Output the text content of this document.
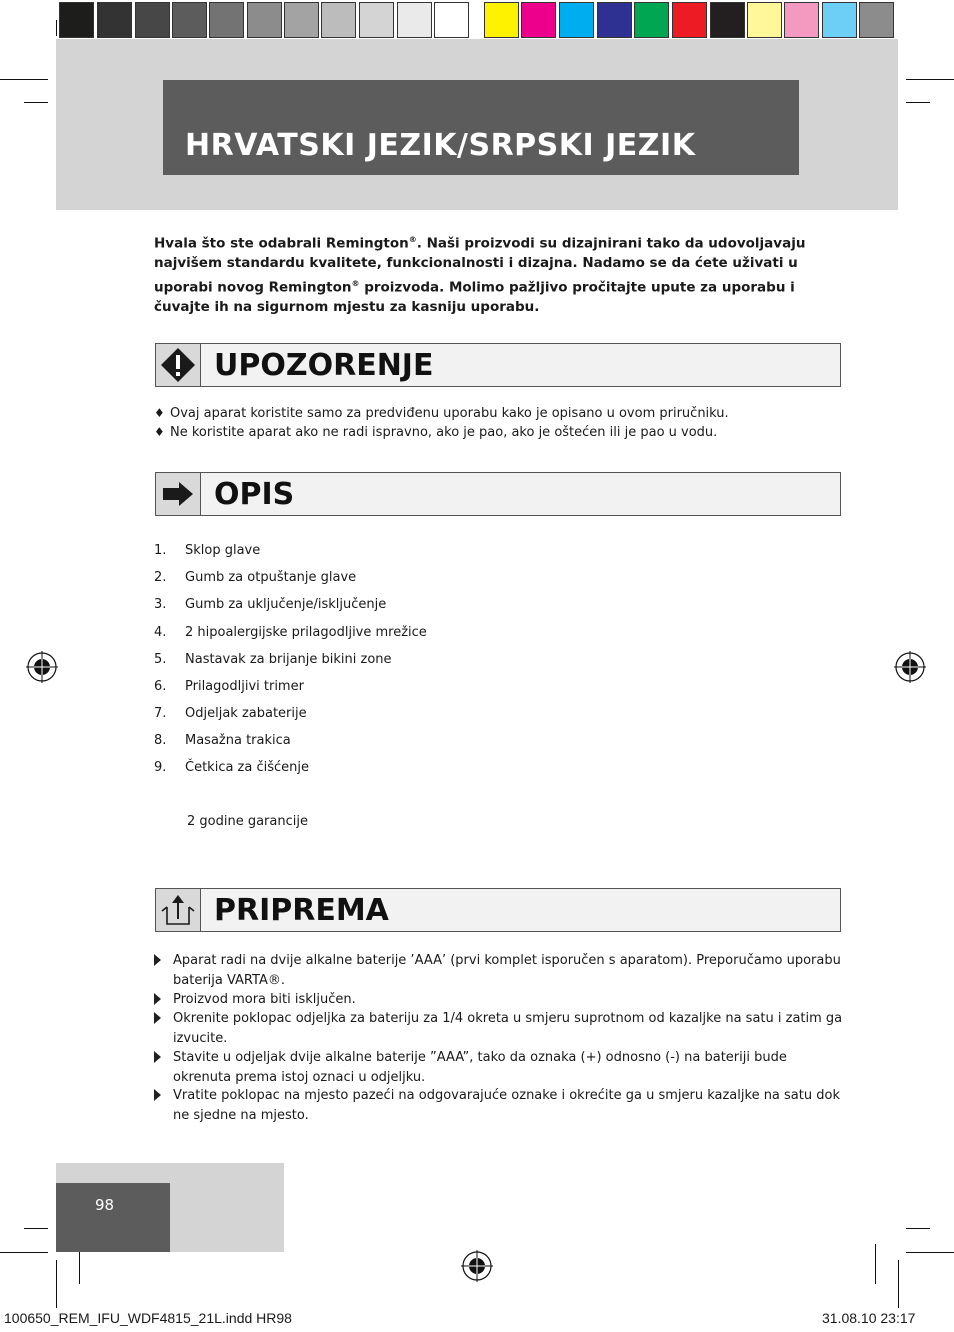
HRVATSKI JEZIK/SRPSKI JEZIK
Hvala što ste odabrali Remington®. Naši proizvodi su dizajnirani tako da udovoljavaju najvišem standardu kvalitete, funkcionalnosti i dizajna. Nadamo se da ćete uživati u uporabi novog Remington® proizvoda. Molimo pažljivo pročitajte upute za uporabu i čuvajte ih na sigurnom mjestu za kasniju uporabu.
UPOZORENJE
♦ Ovaj aparat koristite samo za predviđenu uporabu kako je opisano u ovom priručniku.
♦ Ne koristite aparat ako ne radi ispravno, ako je pao, ako je oštećen ili je pao u vodu.
OPIS
1. Sklop glave
2. Gumb za otpuštanje glave
3. Gumb za uključenje/isključenje
4. 2 hipoalergijske prilagodljive mrežice
5. Nastavak za brijanje bikini zone
6. Prilagodljivi trimer
7. Odjeljak zabaterije
8. Masažna trakica
9. Četkica za čišćenje
2 godine garancije
PRIPREMA
Aparat radi na dvije alkalne baterije ’AAA’ (prvi komplet isporučen s aparatom). Preporučamo uporabu baterija VARTA®.
Proizvod mora biti isključen.
Okrenite poklopac odjeljka za bateriju za 1/4 okreta u smjeru suprotnom od kazaljke na satu i zatim ga izvucite.
Stavite u odjeljak dvije alkalne baterije ”AAA”, tako da oznaka (+) odnosno (-) na bateriji bude okrenuta prema istoj oznaci u odjeljku.
Vratite poklopac na mjesto pazeći na odgovarajuće oznake i okrećite ga u smjeru kazaljke na satu dok ne sjedne na mjesto.
98
100650_REM_IFU_WDF4815_21L.indd HR98	31.08.10 23:17
